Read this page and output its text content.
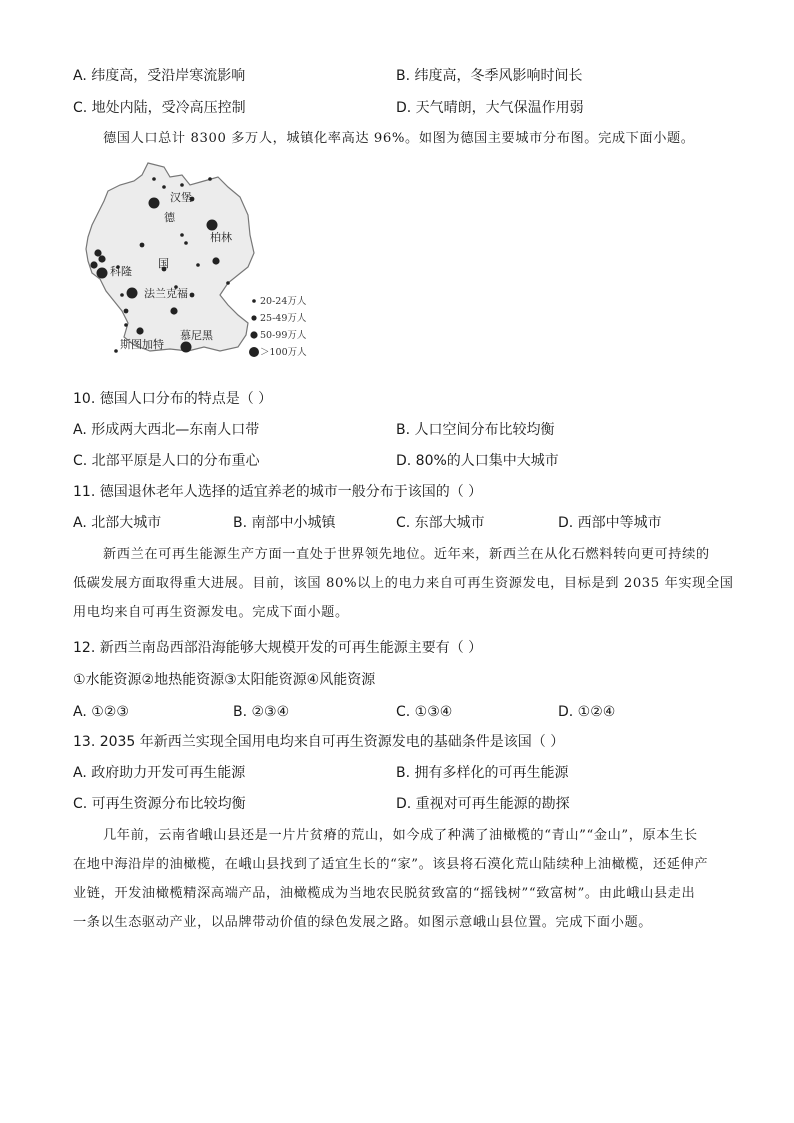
A. 纬度高，受沿岸寒流影响	B. 纬度高，冬季风影响时间长
C. 地处内陆，受冷高压控制	D. 天气晴朗，大气保温作用弱
德国人口总计 8300 多万人，城镇化率高达 96%。如图为德国主要城市分布图。完成下面小题。
汉堡
德
柏林
国
科隆
法兰克福
慕尼黑
斯图加特
20-24万人
25-49万人
50-99万人
＞100万人
10. 德国人口分布的特点是（ ）
A. 形成两大西北—东南人口带	B. 人口空间分布比较均衡
C. 北部平原是人口的分布重心	D. 80%的人口集中大城市
11. 德国退休老年人选择的适宜养老的城市一般分布于该国的（ ）
A. 北部大城市	B. 南部中小城镇	C. 东部大城市	D. 西部中等城市
新西兰在可再生能源生产方面一直处于世界领先地位。近年来，新西兰在从化石燃料转向更可持续的
低碳发展方面取得重大进展。目前，该国 80%以上的电力来自可再生资源发电，目标是到 2035 年实现全国
用电均来自可再生资源发电。完成下面小题。
12. 新西兰南岛西部沿海能够大规模开发的可再生能源主要有（ ）
①水能资源②地热能资源③太阳能资源④风能资源
A. ①②③	B. ②③④	C. ①③④	D. ①②④
13. 2035 年新西兰实现全国用电均来自可再生资源发电的基础条件是该国（ ）
A. 政府助力开发可再生能源	B. 拥有多样化的可再生能源
C. 可再生资源分布比较均衡	D. 重视对可再生能源的勘探
几年前，云南省峨山县还是一片片贫瘠的荒山，如今成了种满了油橄榄的“青山”“金山”，原本生长
在地中海沿岸的油橄榄，在峨山县找到了适宜生长的“家”。该县将石漠化荒山陆续种上油橄榄，还延伸产
业链，开发油橄榄精深高端产品，油橄榄成为当地农民脱贫致富的“摇钱树”“致富树”。由此峨山县走出
一条以生态驱动产业，以品牌带动价值的绿色发展之路。如图示意峨山县位置。完成下面小题。
